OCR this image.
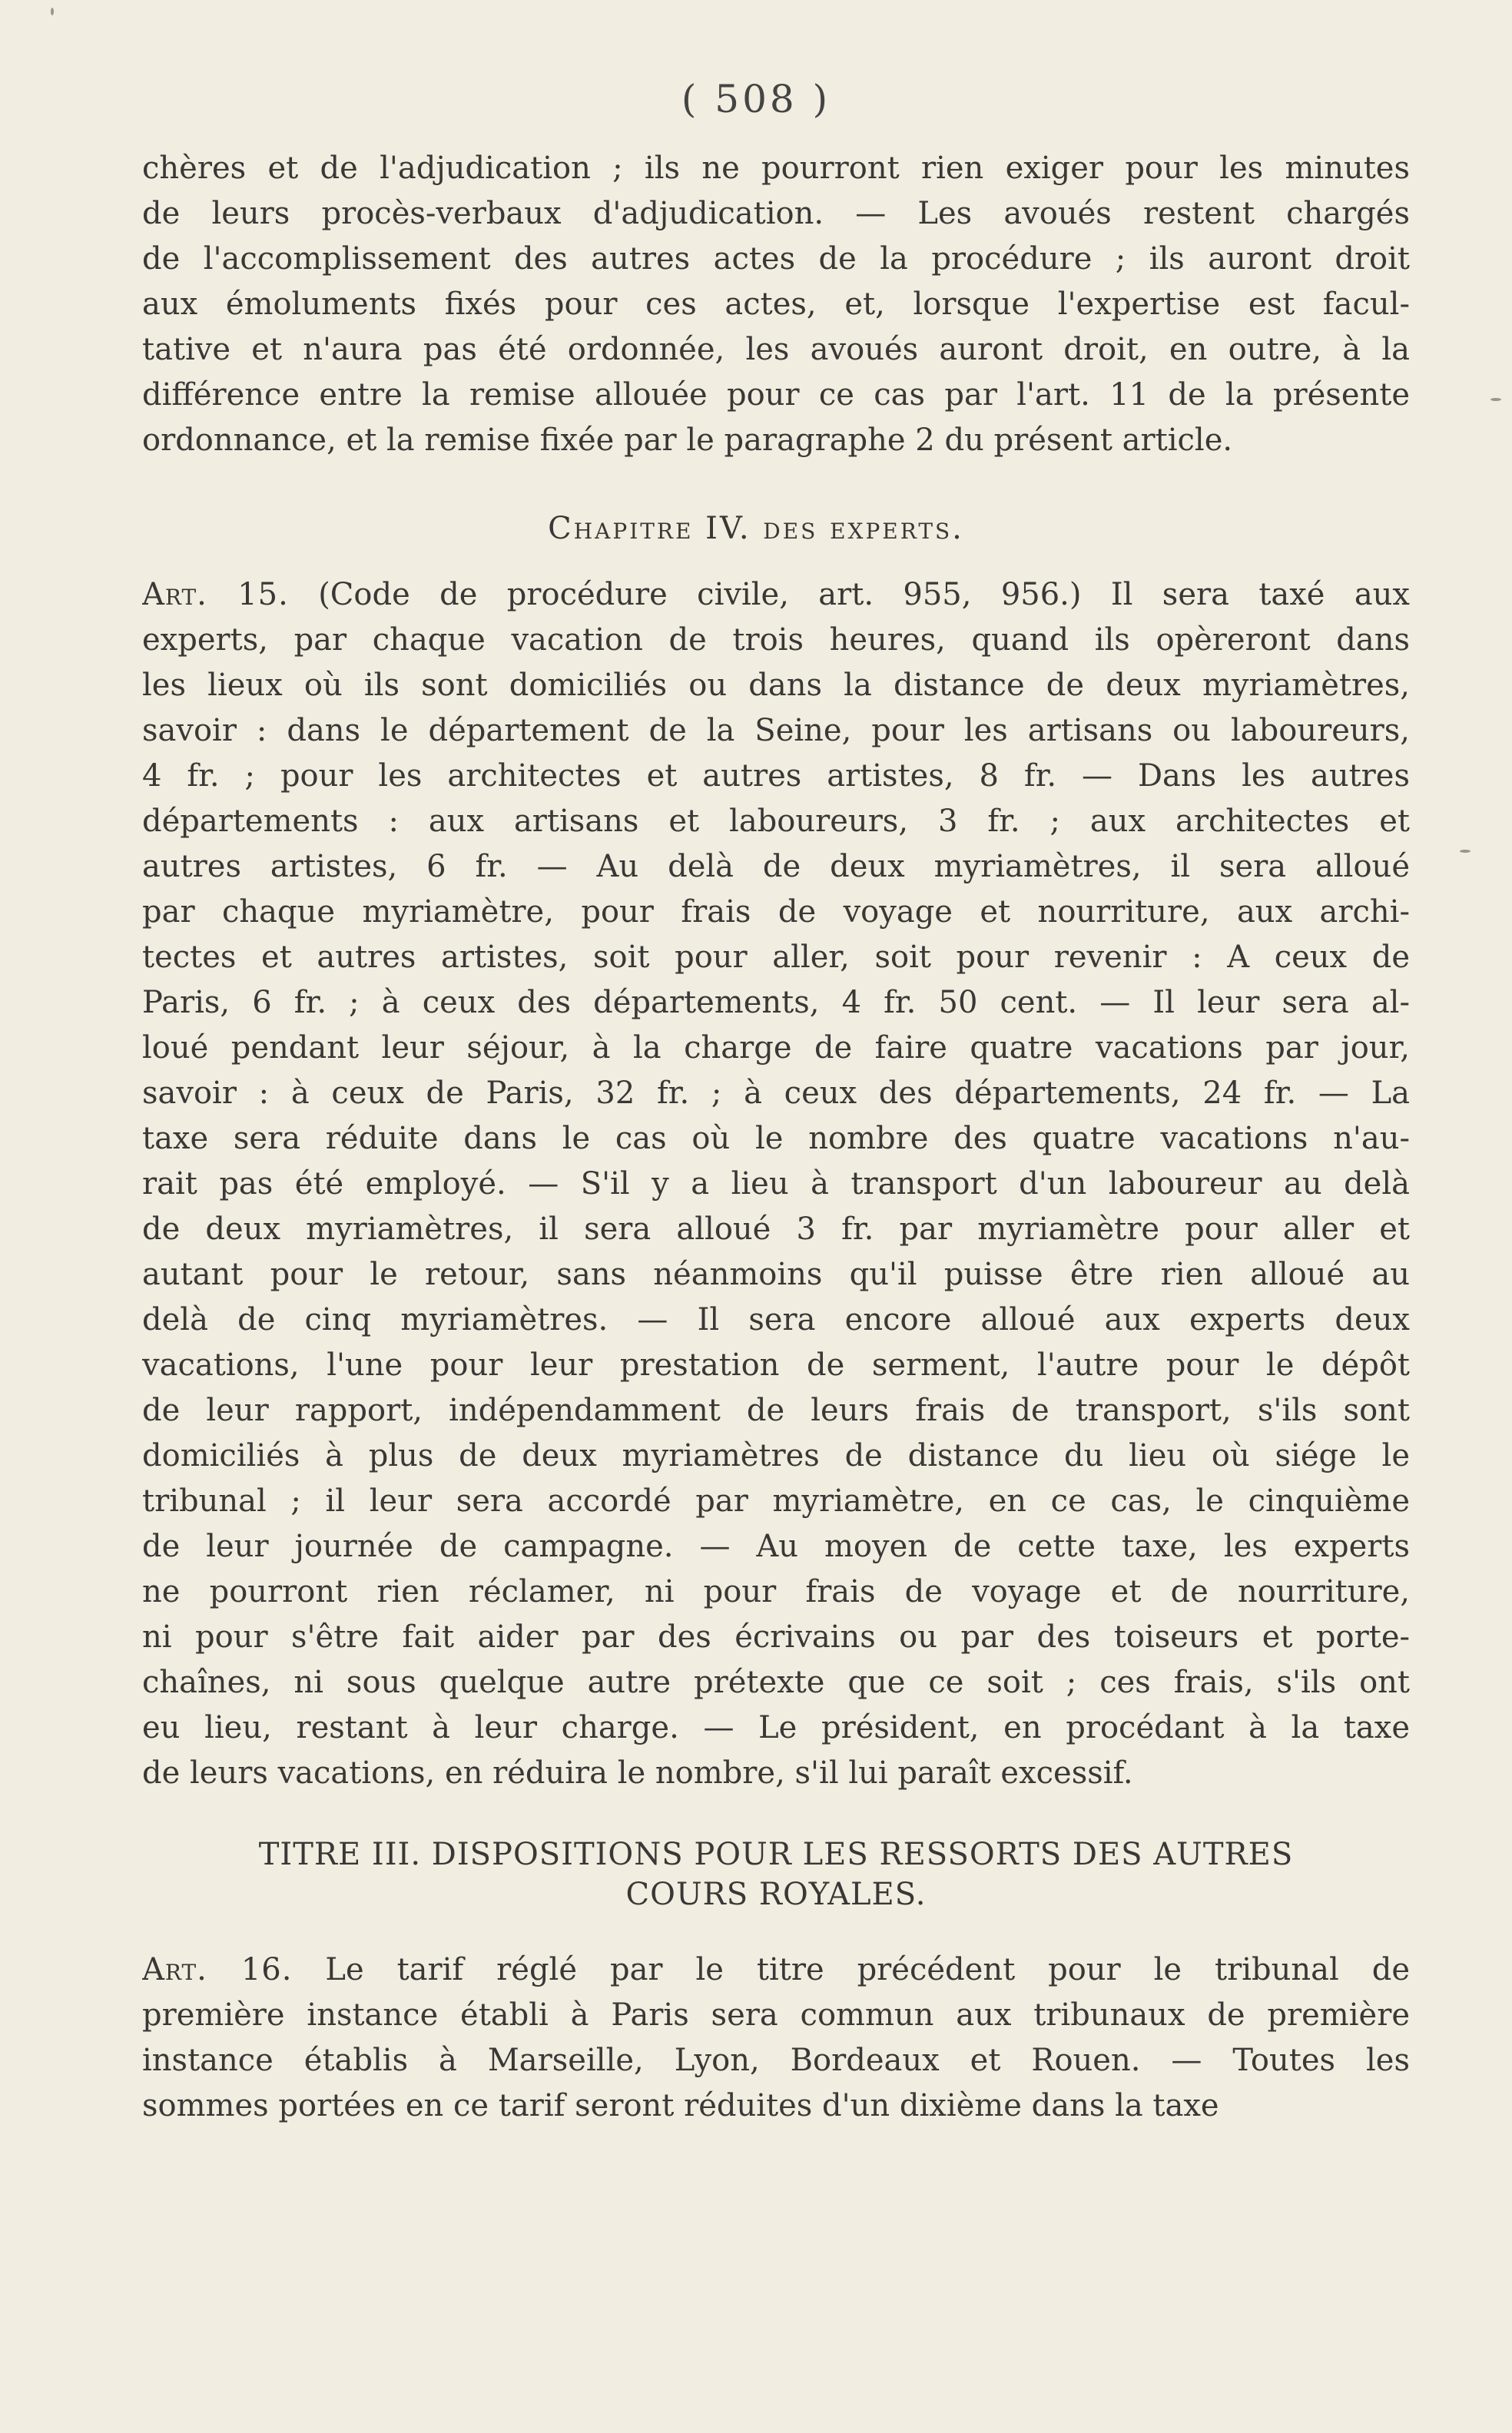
( 508 )
chères et de l'adjudication ; ils ne pourront rien exiger pour les minutes
de leurs procès-verbaux d'adjudication. — Les avoués restent chargés
de l'accomplissement des autres actes de la procédure ; ils auront droit
aux émoluments fixés pour ces actes, et, lorsque l'expertise est facul-
tative et n'aura pas été ordonnée, les avoués auront droit, en outre, à la
différence entre la remise allouée pour ce cas par l'art. 11 de la présente
ordonnance, et la remise fixée par le paragraphe 2 du présent article.
Chapitre IV. des experts.
Art. 15. (Code de procédure civile, art. 955, 956.) Il sera taxé aux
experts, par chaque vacation de trois heures, quand ils opèreront dans
les lieux où ils sont domiciliés ou dans la distance de deux myriamètres,
savoir : dans le département de la Seine, pour les artisans ou laboureurs,
4 fr. ; pour les architectes et autres artistes, 8 fr. — Dans les autres
départements : aux artisans et laboureurs, 3 fr. ; aux architectes et
autres artistes, 6 fr. — Au delà de deux myriamètres, il sera alloué
par chaque myriamètre, pour frais de voyage et nourriture, aux archi-
tectes et autres artistes, soit pour aller, soit pour revenir : A ceux de
Paris, 6 fr. ; à ceux des départements, 4 fr. 50 cent. — Il leur sera al-
loué pendant leur séjour, à la charge de faire quatre vacations par jour,
savoir : à ceux de Paris, 32 fr. ; à ceux des départements, 24 fr. — La
taxe sera réduite dans le cas où le nombre des quatre vacations n'au-
rait pas été employé. — S'il y a lieu à transport d'un laboureur au delà
de deux myriamètres, il sera alloué 3 fr. par myriamètre pour aller et
autant pour le retour, sans néanmoins qu'il puisse être rien alloué au
delà de cinq myriamètres. — Il sera encore alloué aux experts deux
vacations, l'une pour leur prestation de serment, l'autre pour le dépôt
de leur rapport, indépendamment de leurs frais de transport, s'ils sont
domiciliés à plus de deux myriamètres de distance du lieu où siége le
tribunal ; il leur sera accordé par myriamètre, en ce cas, le cinquième
de leur journée de campagne. — Au moyen de cette taxe, les experts
ne pourront rien réclamer, ni pour frais de voyage et de nourriture,
ni pour s'être fait aider par des écrivains ou par des toiseurs et porte-
chaînes, ni sous quelque autre prétexte que ce soit ; ces frais, s'ils ont
eu lieu, restant à leur charge. — Le président, en procédant à la taxe
de leurs vacations, en réduira le nombre, s'il lui paraît excessif.
TITRE III. DISPOSITIONS POUR LES RESSORTS DES AUTRES
COURS ROYALES.
Art. 16. Le tarif réglé par le titre précédent pour le tribunal de
première instance établi à Paris sera commun aux tribunaux de première
instance établis à Marseille, Lyon, Bordeaux et Rouen. — Toutes les
sommes portées en ce tarif seront réduites d'un dixième dans la taxe
